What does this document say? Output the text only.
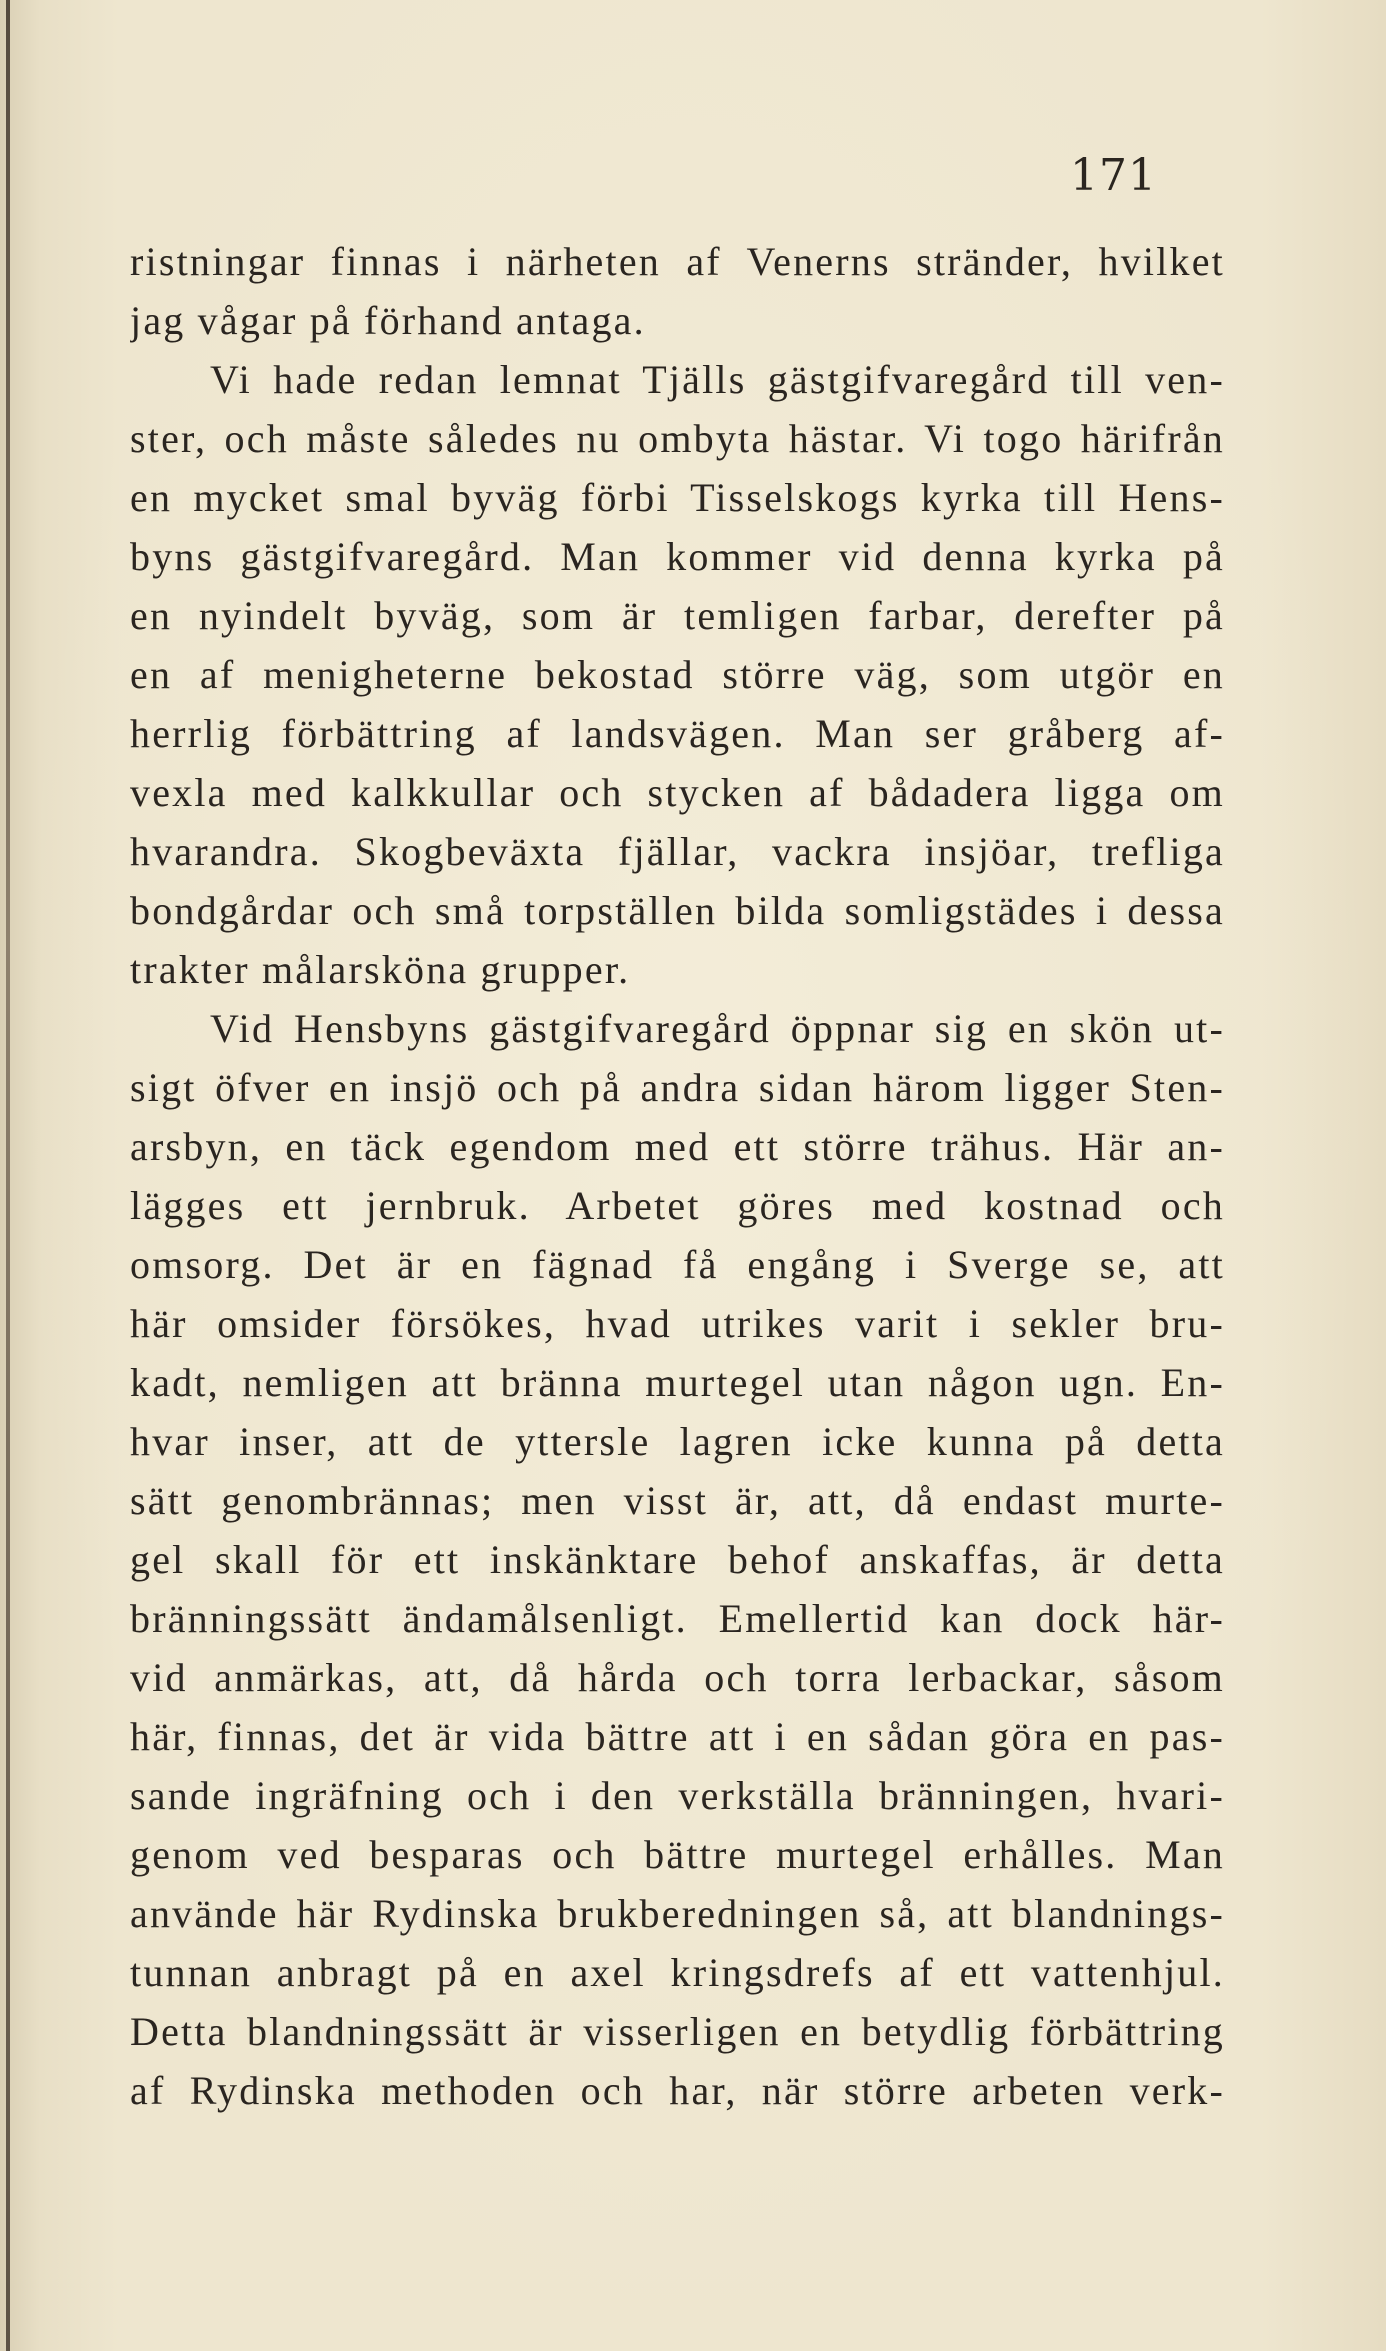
171
ristningar finnas i närheten af Venerns stränder, hvilket
jag vågar på förhand antaga.
Vi hade redan lemnat Tjälls gästgifvaregård till ven-
ster, och måste således nu ombyta hästar. Vi togo härifrån
en mycket smal byväg förbi Tisselskogs kyrka till Hens-
byns gästgifvaregård. Man kommer vid denna kyrka på
en nyindelt byväg, som är temligen farbar, derefter på
en af menigheterne bekostad större väg, som utgör en
herrlig förbättring af landsvägen. Man ser gråberg af-
vexla med kalkkullar och stycken af bådadera ligga om
hvarandra. Skogbeväxta fjällar, vackra insjöar, trefliga
bondgårdar och små torpställen bilda somligstädes i dessa
trakter målarsköna grupper.
Vid Hensbyns gästgifvaregård öppnar sig en skön ut-
sigt öfver en insjö och på andra sidan härom ligger Sten-
arsbyn, en täck egendom med ett större trähus. Här an-
lägges ett jernbruk. Arbetet göres med kostnad och
omsorg. Det är en fägnad få engång i Sverge se, att
här omsider försökes, hvad utrikes varit i sekler bru-
kadt, nemligen att bränna murtegel utan någon ugn. En-
hvar inser, att de yttersle lagren icke kunna på detta
sätt genombrännas; men visst är, att, då endast murte-
gel skall för ett inskänktare behof anskaffas, är detta
bränningssätt ändamålsenligt. Emellertid kan dock här-
vid anmärkas, att, då hårda och torra lerbackar, såsom
här, finnas, det är vida bättre att i en sådan göra en pas-
sande ingräfning och i den verkställa bränningen, hvari-
genom ved besparas och bättre murtegel erhålles. Man
använde här Rydinska brukberedningen så, att blandnings-
tunnan anbragt på en axel kringsdrefs af ett vattenhjul.
Detta blandningssätt är visserligen en betydlig förbättring
af Rydinska methoden och har, när större arbeten verk-
